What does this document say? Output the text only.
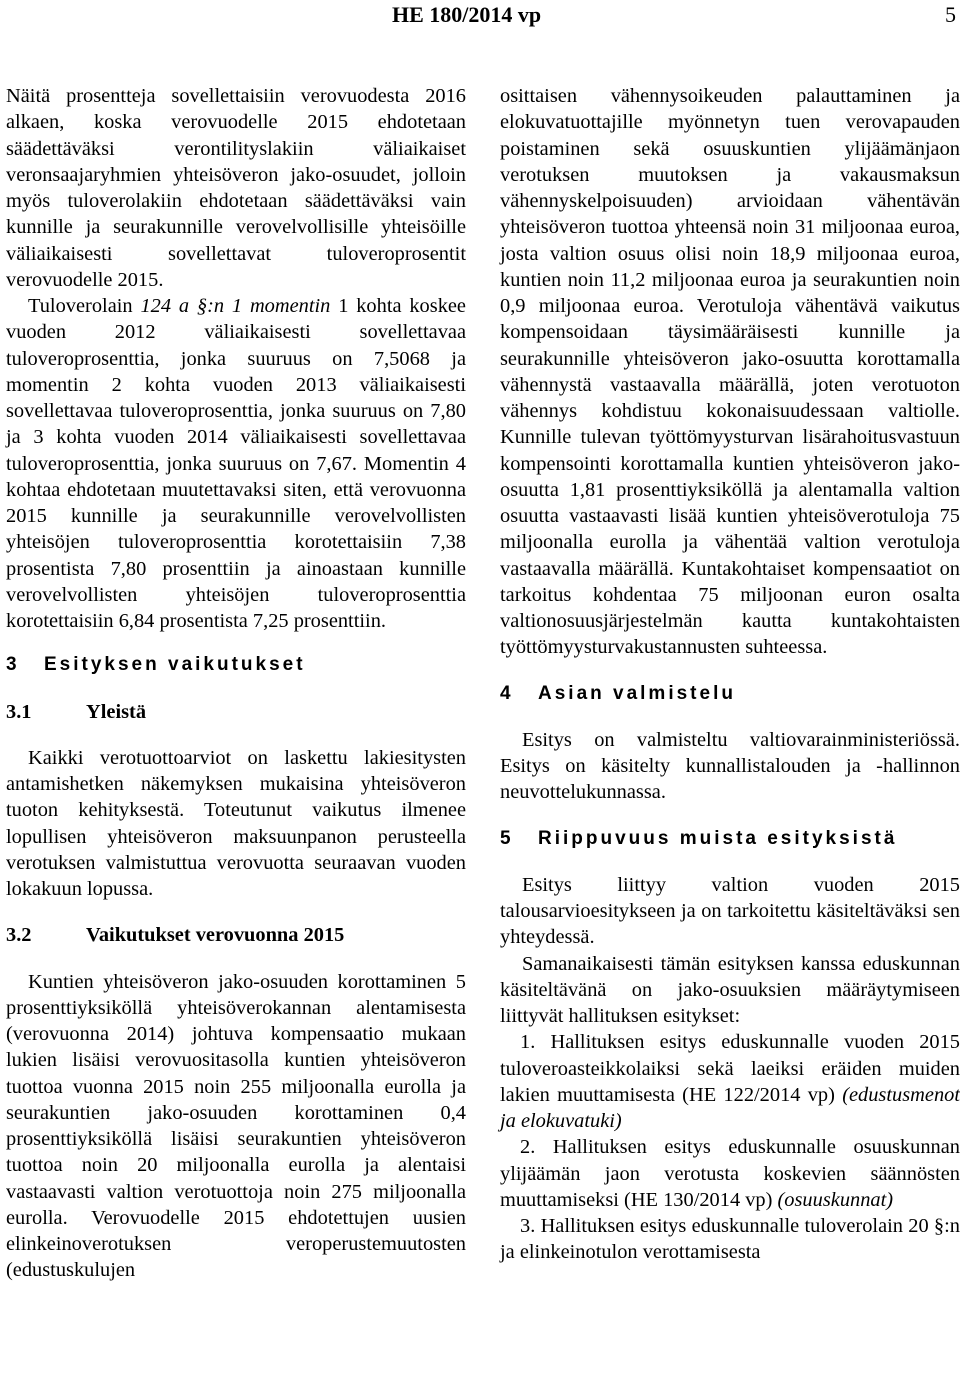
HE 180/2014 vp	5

Näitä prosentteja sovellettaisiin verovuodesta 2016 alkaen, koska verovuodelle 2015 ehdotetaan säädettäväksi verontilityslakiin väliaikaiset veronsaajaryhmien yhteisöveron jako-osuudet, jolloin myös tuloverolakiin ehdotetaan säädettäväksi vain kunnille ja seurakunnille verovelvollisille yhteisöille väliaikaisesti sovellettavat tuloveroprosentit verovuodelle 2015.

Tuloverolain 124 a §:n 1 momentin 1 kohta koskee vuoden 2012 väliaikaisesti sovellettavaa tuloveroprosenttia, jonka suuruus on 7,5068 ja momentin 2 kohta vuoden 2013 väliaikaisesti sovellettavaa tuloveroprosenttia, jonka suuruus on 7,80 ja 3 kohta vuoden 2014 väliaikaisesti sovellettavaa tuloveroprosenttia, jonka suuruus on 7,67. Momentin 4 kohtaa ehdotetaan muutettavaksi siten, että verovuonna 2015 kunnille ja seurakunnille verovelvollisten yhteisöjen tuloveroprosenttia korotettaisiin 7,38 prosentista 7,80 prosenttiin ja ainoastaan kunnille verovelvollisten yhteisöjen tuloveroprosenttia korotettaisiin 6,84 prosentista 7,25 prosenttiin.

3 Esityksen vaikutukset
3.1	Yleistä

Kaikki verotuottoarviot on laskettu lakiesitysten antamishetken näkemyksen mukaisina yhteisöveron tuoton kehityksestä. Toteutunut vaikutus ilmenee lopullisen yhteisöveron maksuunpanon perusteella verotuksen valmistuttua verovuotta seuraavan vuoden lokakuun lopussa.

3.2	Vaikutukset verovuonna 2015

Kuntien yhteisöveron jako-osuuden korottaminen 5 prosenttiyksiköllä yhteisöverokannan alentamisesta (verovuonna 2014) johtuva kompensaatio mukaan lukien lisäisi verovuositasolla kuntien yhteisöveron tuottoa vuonna 2015 noin 255 miljoonalla eurolla ja seurakuntien jako-osuuden korottaminen 0,4 prosenttiyksiköllä lisäisi seurakuntien yhteisöveron tuottoa noin 20 miljoonalla eurolla ja alentaisi vastaavasti valtion verotuottoja noin 275 miljoonalla eurolla. Verovuodelle 2015 ehdotettujen uusien elinkeinoverotuksen veroperustemuutosten (edustuskulujen

osittaisen vähennysoikeuden palauttaminen ja elokuvatuottajille myönnetyn tuen verovapauden poistaminen sekä osuuskuntien ylijäämänjaon verotuksen muutoksen ja vakausmaksun vähennyskelpoisuuden) arvioidaan vähentävän yhteisöveron tuottoa yhteensä noin 31 miljoonaa euroa, josta valtion osuus olisi noin 18,9 miljoonaa euroa, kuntien noin 11,2 miljoonaa euroa ja seurakuntien noin 0,9 miljoonaa euroa. Verotuloja vähentävä vaikutus kompensoidaan täysimääräisesti kunnille ja seurakunnille yhteisöveron jako-osuutta korottamalla vähennystä vastaavalla määrällä, joten verotuoton vähennys kohdistuu kokonaisuudessaan valtiolle. Kunnille tulevan työttömyysturvan lisärahoitusvastuun kompensointi korottamalla kuntien yhteisöveron jako-osuutta 1,81 prosenttiyksiköllä ja alentamalla valtion osuutta vastaavasti lisää kuntien yhteisöverotuloja 75 miljoonalla eurolla ja vähentää valtion verotuloja vastaavalla määrällä. Kuntakohtaiset kompensaatiot on tarkoitus kohdentaa 75 miljoonan euron osalta valtionosuusjärjestelmän kautta kuntakohtaisten työttömyysturvakustannusten suhteessa.

4 Asian valmistelu

Esitys on valmisteltu valtiovarainministeriössä. Esitys on käsitelty kunnallistalouden ja -hallinnon neuvottelukunnassa.

5 Riippuvuus muista esityksistä

Esitys liittyy valtion vuoden 2015 talousarvioesitykseen ja on tarkoitettu käsiteltäväksi sen yhteydessä.

Samanaikaisesti tämän esityksen kanssa eduskunnan käsiteltävänä on jako-osuuksien määräytymiseen liittyvät hallituksen esitykset:

1. Hallituksen esitys eduskunnalle vuoden 2015 tuloveroasteikkolaiksi sekä laeiksi eräiden muiden lakien muuttamisesta (HE 122/2014 vp) (edustusmenot ja elokuvatuki)

2. Hallituksen esitys eduskunnalle osuuskunnan ylijäämän jaon verotusta koskevien säännösten muuttamiseksi (HE 130/2014 vp) (osuuskunnat)

3. Hallituksen esitys eduskunnalle tuloverolain 20 §:n ja elinkeinotulon verottamisesta
